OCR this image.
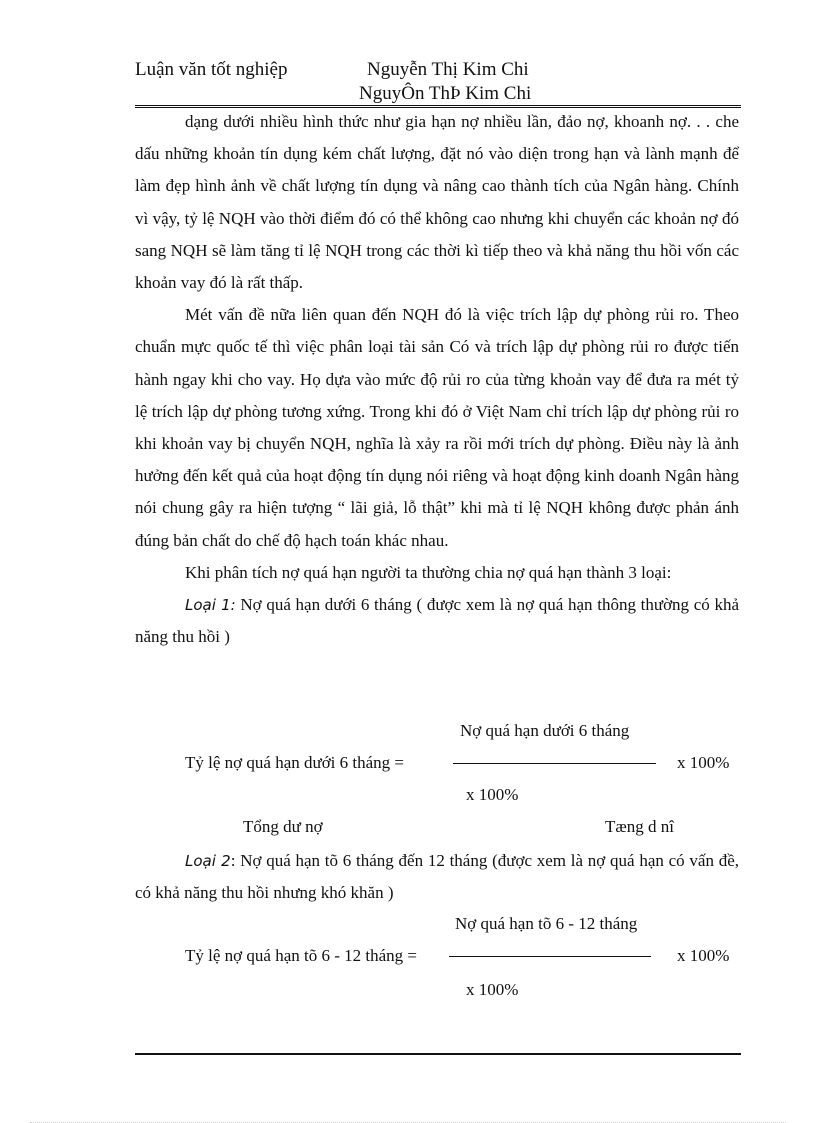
Luận văn tốt nghiệp	Nguyễn Thị Kim Chi
NguyÔn ThÞ Kim Chi

dạng dưới nhiều hình thức như gia hạn nợ nhiều lần, đảo nợ, khoanh nợ. . . che dấu những khoản tín dụng kém chất lượng, đặt nó vào diện trong hạn và lành mạnh để làm đẹp hình ảnh về chất lượng tín dụng và nâng cao thành tích của Ngân hàng. Chính vì vậy, tỷ lệ NQH vào thời điểm đó có thể không cao nhưng khi chuyển các khoản nợ đó sang NQH sẽ làm tăng tỉ lệ NQH trong các thời kì tiếp theo và khả năng thu hồi vốn các khoản vay đó là rất thấp.

Mét vấn đề nữa liên quan đến NQH đó là việc trích lập dự phòng rủi ro. Theo chuẩn mực quốc tế thì việc phân loại tài sản Có và trích lập dự phòng rủi ro được tiến hành ngay khi cho vay. Họ dựa vào mức độ rủi ro của từng khoản vay để đưa ra mét tỷ lệ trích lập dự phòng tương xứng. Trong khi đó ở Việt Nam chỉ trích lập dự phòng rủi ro khi khoản vay bị chuyển NQH, nghĩa là xảy ra rồi mới trích dự phòng. Điều này là ảnh hưởng đến kết quả của hoạt động tín dụng nói riêng và hoạt động kinh doanh Ngân hàng nói chung gây ra hiện tượng “ lãi giả, lỗ thật” khi mà tỉ lệ NQH không được phản ánh đúng bản chất do chế độ hạch toán khác nhau.

Khi phân tích nợ quá hạn người ta thường chia nợ quá hạn thành 3 loại:

Loại 1: Nợ quá hạn dưới 6 tháng ( được xem là nợ quá hạn thông thường có khả năng thu hồi )

Nợ quá hạn dưới 6 tháng
Tỷ lệ nợ quá hạn dưới 6 tháng =	x 100%
x 100%
Tổng dư nợ	Tæng d nî

Loại 2: Nợ quá hạn tõ 6 tháng đến 12 tháng (được xem là nợ quá hạn có vấn đề, có khả năng thu hồi nhưng khó khăn )

Nợ quá hạn tõ 6 - 12 tháng
Tỷ lệ nợ quá hạn tõ 6 - 12 tháng =	x 100%
x 100%
